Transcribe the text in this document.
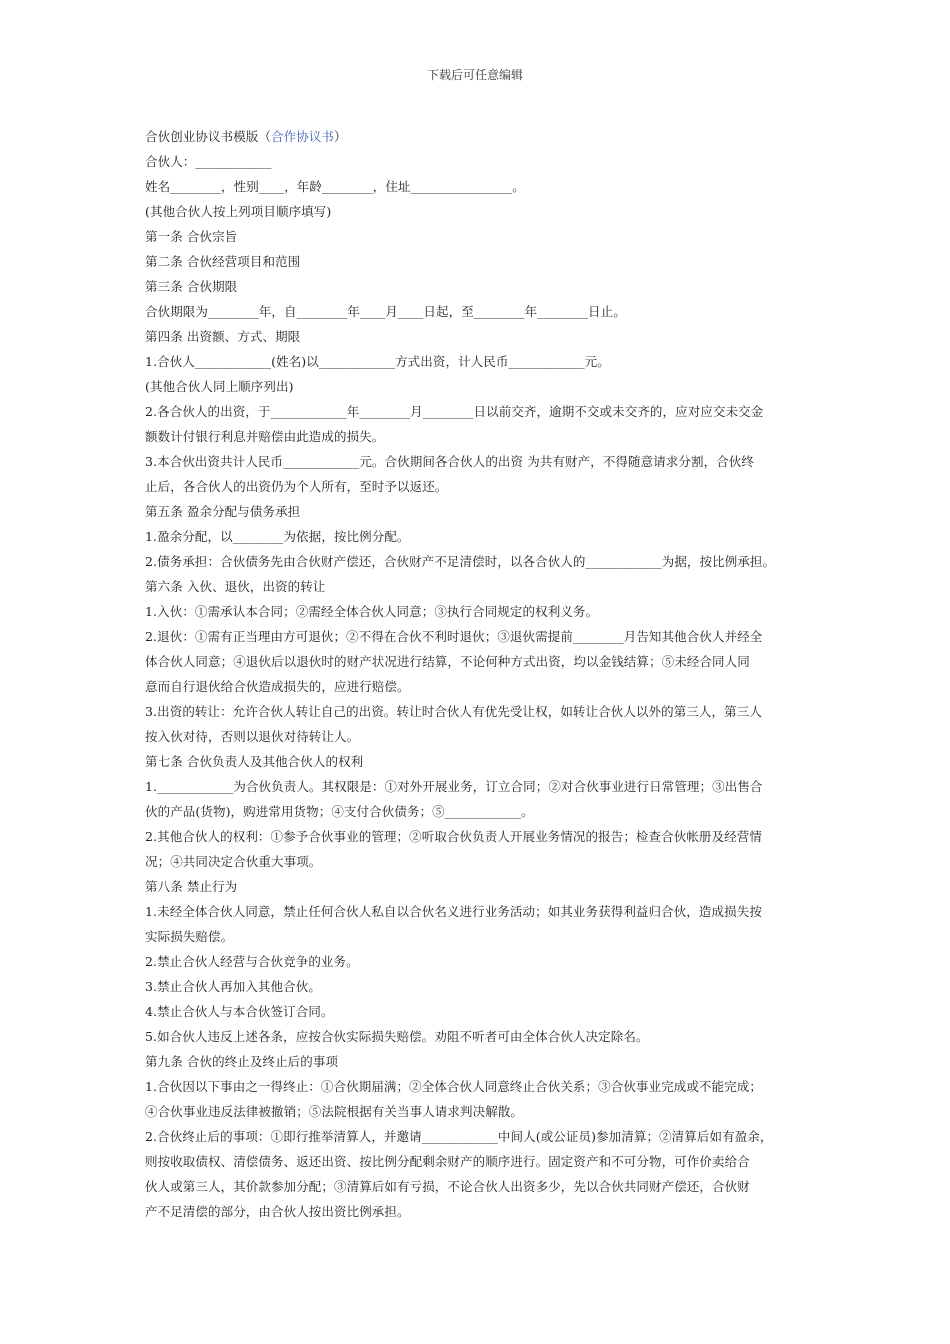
下载后可任意编辑
合伙创业协议书模版（合作协议书）
合伙人：____________
姓名________，性别____，年龄________，住址________________。
(其他合伙人按上列项目顺序填写)
第一条 合伙宗旨
第二条 合伙经营项目和范围
第三条 合伙期限
合伙期限为________年，自________年____月____日起，至________年________日止。
第四条 出资额、方式、期限
1.合伙人____________(姓名)以____________方式出资，计人民币____________元。
(其他合伙人同上顺序列出)
2.各合伙人的出资，于____________年________月________日以前交齐，逾期不交或未交齐的，应对应交未交金
额数计付银行利息并赔偿由此造成的损失。
3.本合伙出资共计人民币____________元。合伙期间各合伙人的出资 为共有财产，不得随意请求分割，合伙终
止后，各合伙人的出资仍为个人所有，至时予以返还。
第五条 盈余分配与债务承担
1.盈余分配，以________为依据，按比例分配。
2.债务承担：合伙债务先由合伙财产偿还，合伙财产不足清偿时，以各合伙人的____________为据，按比例承担。
第六条 入伙、退伙，出资的转让
1.入伙：①需承认本合同；②需经全体合伙人同意；③执行合同规定的权利义务。
2.退伙：①需有正当理由方可退伙；②不得在合伙不利时退伙；③退伙需提前________月告知其他合伙人并经全
体合伙人同意；④退伙后以退伙时的财产状况进行结算，不论何种方式出资，均以金钱结算；⑤未经合同人同
意而自行退伙给合伙造成损失的，应进行赔偿。
3.出资的转让：允许合伙人转让自己的出资。转让时合伙人有优先受让权，如转让合伙人以外的第三人，第三人
按入伙对待，否则以退伙对待转让人。
第七条 合伙负责人及其他合伙人的权利
1.____________为合伙负责人。其权限是：①对外开展业务，订立合同；②对合伙事业进行日常管理；③出售合
伙的产品(货物)，购进常用货物；④支付合伙债务；⑤____________。
2.其他合伙人的权利：①参予合伙事业的管理；②听取合伙负责人开展业务情况的报告；检查合伙帐册及经营情
况；④共同决定合伙重大事项。
第八条 禁止行为
1.未经全体合伙人同意，禁止任何合伙人私自以合伙名义进行业务活动；如其业务获得利益归合伙，造成损失按
实际损失赔偿。
2.禁止合伙人经营与合伙竞争的业务。
3.禁止合伙人再加入其他合伙。
4.禁止合伙人与本合伙签订合同。
5.如合伙人违反上述各条，应按合伙实际损失赔偿。劝阻不听者可由全体合伙人决定除名。
第九条 合伙的终止及终止后的事项
1.合伙因以下事由之一得终止：①合伙期届满；②全体合伙人同意终止合伙关系；③合伙事业完成或不能完成；
④合伙事业违反法律被撤销；⑤法院根据有关当事人请求判决解散。
2.合伙终止后的事项：①即行推举清算人，并邀请____________中间人(或公证员)参加清算；②清算后如有盈余，
则按收取债权、清偿债务、返还出资、按比例分配剩余财产的顺序进行。固定资产和不可分物，可作价卖给合
伙人或第三人，其价款参加分配；③清算后如有亏损，不论合伙人出资多少，先以合伙共同财产偿还，合伙财
产不足清偿的部分，由合伙人按出资比例承担。
